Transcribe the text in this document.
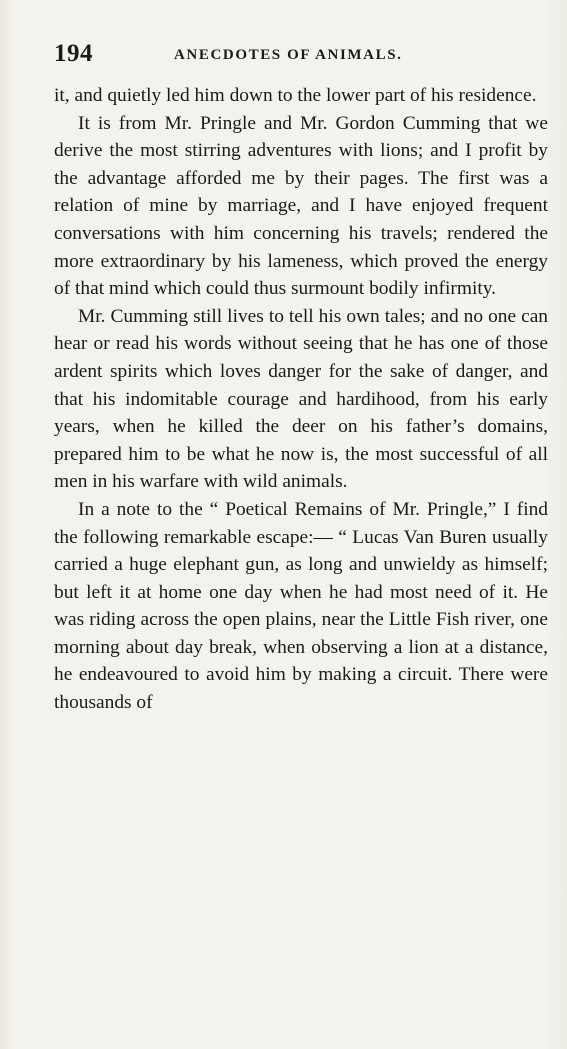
194	ANECDOTES OF ANIMALS.

it, and quietly led him down to the lower part of his residence.

It is from Mr. Pringle and Mr. Gordon Cumming that we derive the most stirring adventures with lions; and I profit by the advantage afforded me by their pages. The first was a relation of mine by marriage, and I have enjoyed frequent conversations with him concerning his travels; rendered the more extraordinary by his lameness, which proved the energy of that mind which could thus surmount bodily infirmity.

Mr. Cumming still lives to tell his own tales; and no one can hear or read his words without seeing that he has one of those ardent spirits which loves danger for the sake of danger, and that his indomitable courage and hardihood, from his early years, when he killed the deer on his father’s domains, prepared him to be what he now is, the most successful of all men in his warfare with wild animals.

In a note to the “ Poetical Remains of Mr. Pringle,” I find the following remarkable escape:— “ Lucas Van Buren usually carried a huge elephant gun, as long and unwieldy as himself; but left it at home one day when he had most need of it. He was riding across the open plains, near the Little Fish river, one morning about day break, when observing a lion at a distance, he endeavoured to avoid him by making a circuit. There were thousands of
